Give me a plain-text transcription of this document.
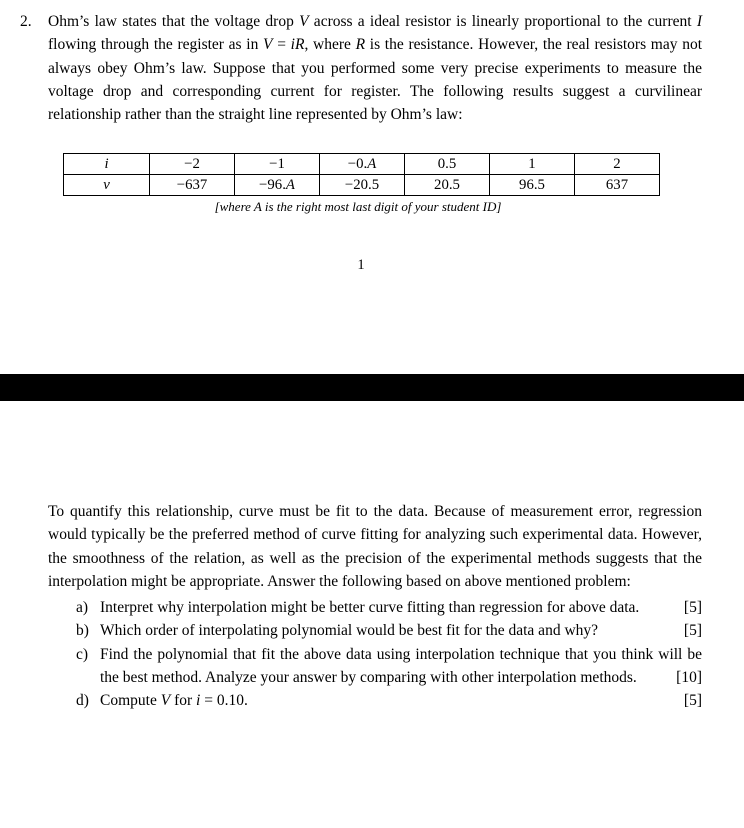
2. Ohm’s law states that the voltage drop V across a ideal resistor is linearly proportional to the current I flowing through the register as in V = iR, where R is the resistance. However, the real resistors may not always obey Ohm’s law. Suppose that you performed some very precise experiments to measure the voltage drop and corresponding current for register. The following results suggest a curvilinear relationship rather than the straight line represented by Ohm’s law:
i	−2	−1	−0.A	0.5	1	2
v	−637	−96.A	−20.5	20.5	96.5	637
[where A is the right most last digit of your student ID]
1
To quantify this relationship, curve must be fit to the data. Because of measurement error, regression would typically be the preferred method of curve fitting for analyzing such experimental data. However, the smoothness of the relation, as well as the precision of the experimental methods suggests that the interpolation might be appropriate. Answer the following based on above mentioned problem:
a) Interpret why interpolation might be better curve fitting than regression for above data.	[5]
b) Which order of interpolating polynomial would be best fit for the data and why?	[5]
c) Find the polynomial that fit the above data using interpolation technique that you think will be the best method. Analyze your answer by comparing with other interpolation methods.	[10]
d) Compute V for i = 0.10.	[5]
